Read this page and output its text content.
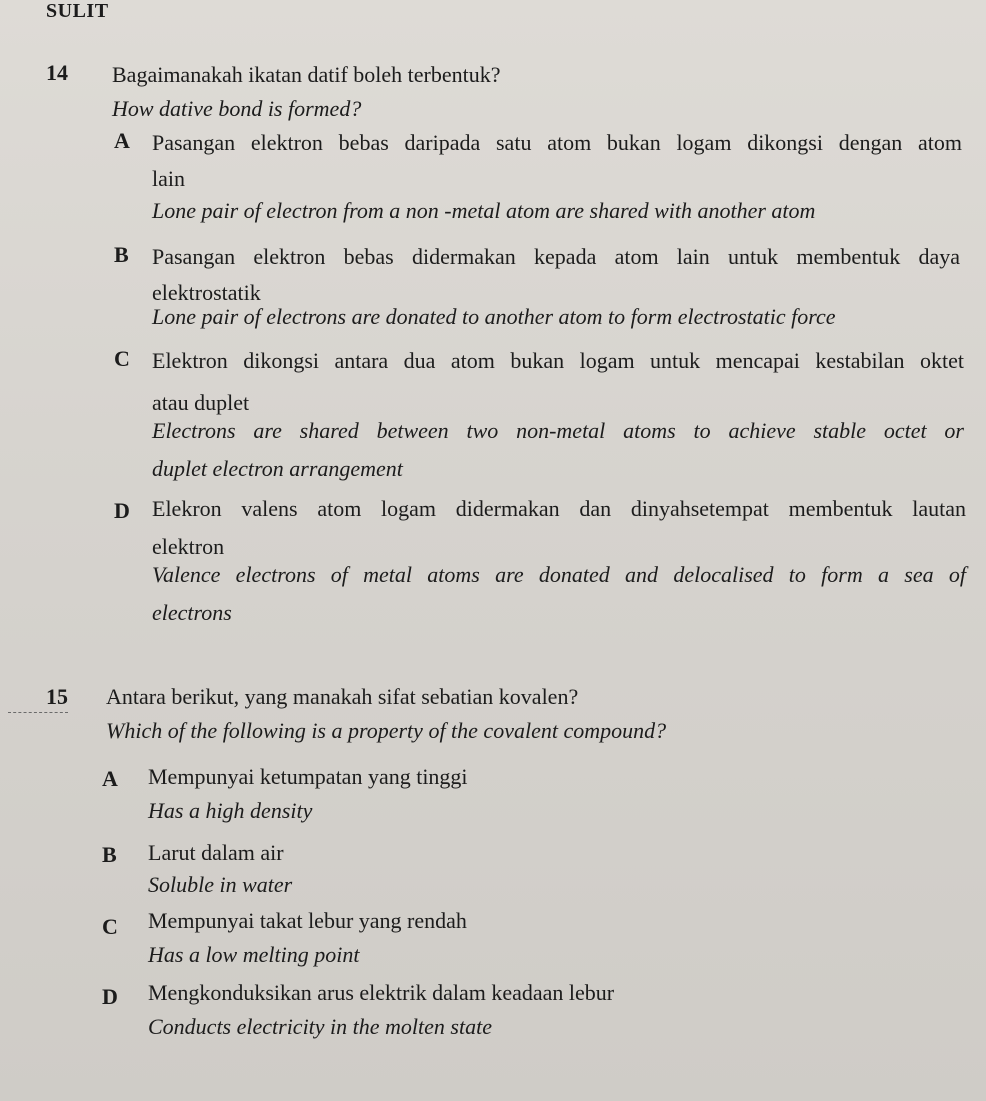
SULIT
14 Bagaimanakah ikatan datif boleh terbentuk?
How dative bond is formed?
A Pasangan elektron bebas daripada satu atom bukan logam dikongsi dengan atom
lain
Lone pair of electron from a non -metal atom are shared with another atom
B Pasangan elektron bebas didermakan kepada atom lain untuk membentuk daya
elektrostatik
Lone pair of electrons are donated to another atom to form electrostatic force
C Elektron dikongsi antara dua atom bukan logam untuk mencapai kestabilan oktet
atau duplet
Electrons are shared between two non-metal atoms to achieve stable octet or
duplet electron arrangement
D Elekron valens atom logam didermakan dan dinyahsetempat membentuk lautan
elektron
Valence electrons of metal atoms are donated and delocalised to form a sea of
electrons
15 Antara berikut, yang manakah sifat sebatian kovalen?
Which of the following is a property of the covalent compound?
A Mempunyai ketumpatan yang tinggi
Has a high density
B Larut dalam air
Soluble in water
C Mempunyai takat lebur yang rendah
Has a low melting point
D Mengkonduksikan arus elektrik dalam keadaan lebur
Conducts electricity in the molten state
